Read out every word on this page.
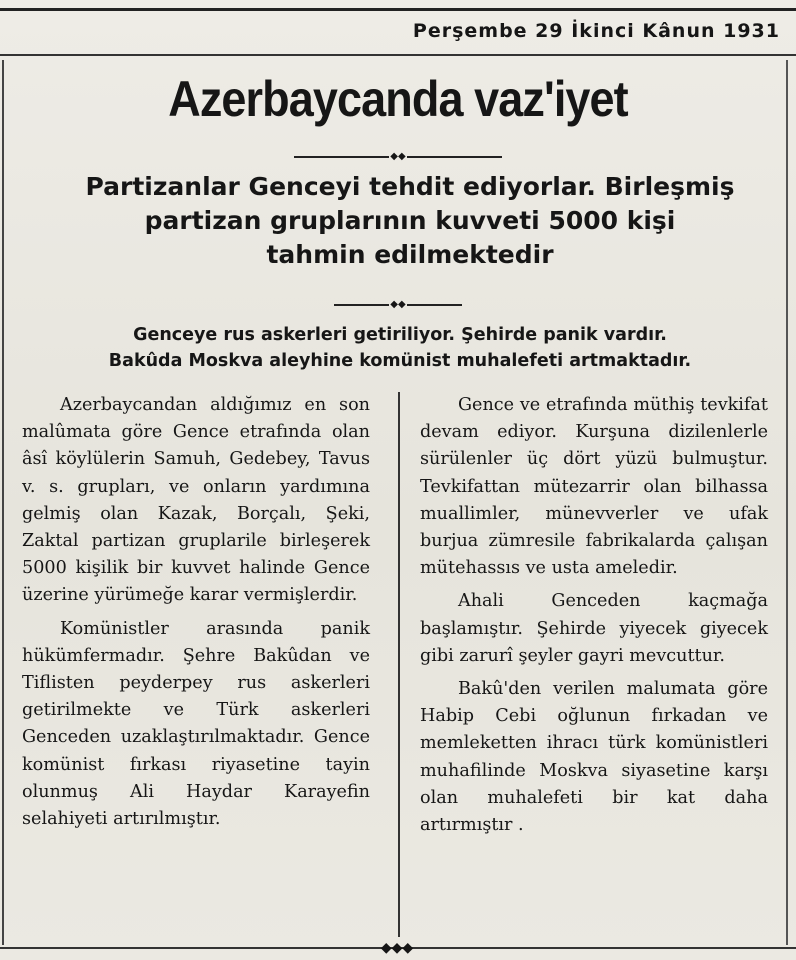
Perşembe 29 İkinci Kânun 1931
Azerbaycanda vaz'iyet
◆◆
Partizanlar Genceyi tehdit ediyorlar. Birleşmiş
partizan gruplarının kuvveti 5000 kişi
tahmin edilmektedir
◆◆
Genceye rus askerleri getiriliyor. Şehirde panik vardır.
Bakûda Moskva aleyhine komünist muhalefeti artmaktadır.

Azerbaycandan aldığımız en son malûmata göre Gence etrafında olan âsî köylülerin Samuh, Gedebey, Tavus v. s. grupları, ve onların yardımına gelmiş olan Kazak, Borçalı, Şeki, Zaktal partizan gruplarile birleşerek 5000 kişilik bir kuvvet halinde Gence üzerine yürümeğe karar vermişlerdir.

Komünistler arasında panik hükümfermadır. Şehre Bakûdan ve Tiflisten peyderpey rus askerleri getirilmekte ve Türk askerleri Genceden uzaklaştırılmaktadır. Gence komünist fırkası riyasetine tayin olunmuş Ali Haydar Karayefin selahiyeti artırılmıştır.

Gence ve etrafında müthiş tevkifat devam ediyor. Kurşuna dizilenlerle sürülenler üç dört yüzü bulmuştur. Tevkifattan mütezarrir olan bilhassa muallimler, münevverler ve ufak burjua zümresile fabrikalarda çalışan mütehassıs ve usta ameledir.

Ahali Genceden kaçmağa başlamıştır. Şehirde yiyecek giyecek gibi zarurî şeyler gayri mevcuttur.

Bakû'den verilen malumata göre Habip Cebi oğlunun fırkadan ve memleketten ihracı türk komünistleri muhafilinde Moskva siyasetine karşı olan muhalefeti bir kat daha artırmıştır .

◆◆◆
